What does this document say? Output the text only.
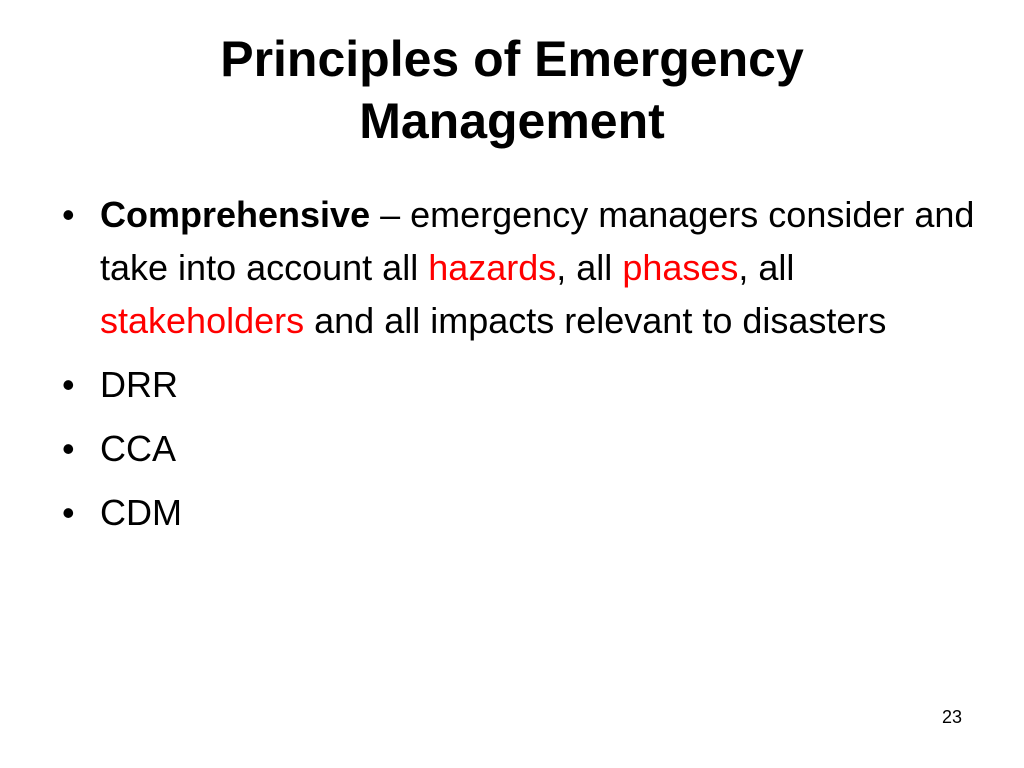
Principles of Emergency
Management
• Comprehensive – emergency managers consider and take into account all hazards, all phases, all stakeholders and all impacts relevant to disasters
• DRR
• CCA
• CDM
23
